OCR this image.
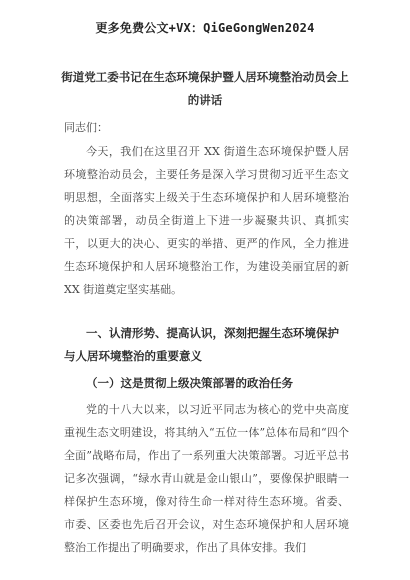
更多免费公文+VX：QiGeGongWen2024
街道党工委书记在生态环境保护暨人居环境整治动员会上的讲话

同志们：

今天，我们在这里召开 XX 街道生态环境保护暨人居环境整治动员会，主要任务是深入学习贯彻习近平生态文明思想，全面落实上级关于生态环境保护和人居环境整治的决策部署，动员全街道上下进一步凝聚共识、真抓实干，以更大的决心、更实的举措、更严的作风，全力推进生态环境保护和人居环境整治工作，为建设美丽宜居的新 XX 街道奠定坚实基础。

一、认清形势、提高认识，深刻把握生态环境保护与人居环境整治的重要意义
（一）这是贯彻上级决策部署的政治任务

党的十八大以来，以习近平同志为核心的党中央高度重视生态文明建设，将其纳入“五位一体”总体布局和“四个全面”战略布局，作出了一系列重大决策部署。习近平总书记多次强调，“绿水青山就是金山银山”，要像保护眼睛一样保护生态环境，像对待生命一样对待生态环境。省委、市委、区委也先后召开会议，对生态环境保护和人居环境整治工作提出了明确要求，作出了具体安排。我们
